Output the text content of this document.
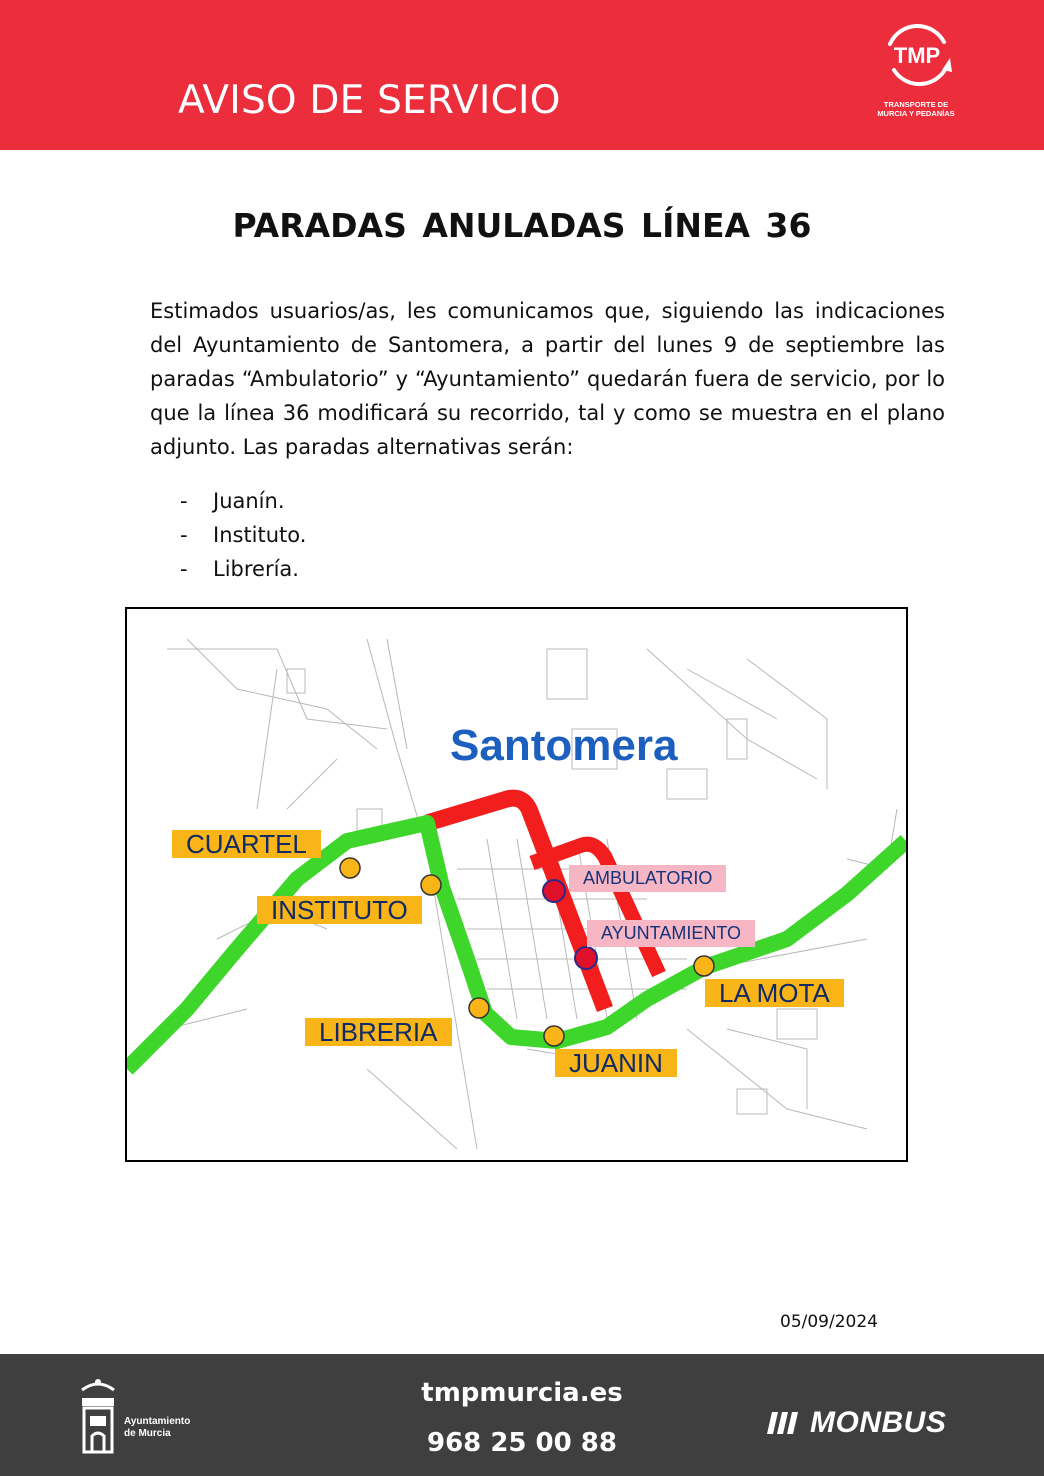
AVISO DE SERVICIO
TMP
TRANSPORTE DE
MURCIA Y PEDANÍAS
PARADAS ANULADAS LÍNEA 36

Estimados usuarios/as, les comunicamos que, siguiendo las indicaciones del Ayuntamiento de Santomera, a partir del lunes 9 de septiembre las paradas “Ambulatorio” y “Ayuntamiento” quedarán fuera de servicio, por lo que la línea 36 modificará su recorrido, tal y como se muestra en el plano adjunto. Las paradas alternativas serán:

-	Juanín.
-	Instituto.
-	Librería.
Santomera
CUARTEL
INSTITUTO
LIBRERIA
JUANIN
LA MOTA
AMBULATORIO
AYUNTAMIENTO
05/09/2024
Ayuntamiento
de Murcia
tmpmurcia.es
968 25 00 88
MONBUS
